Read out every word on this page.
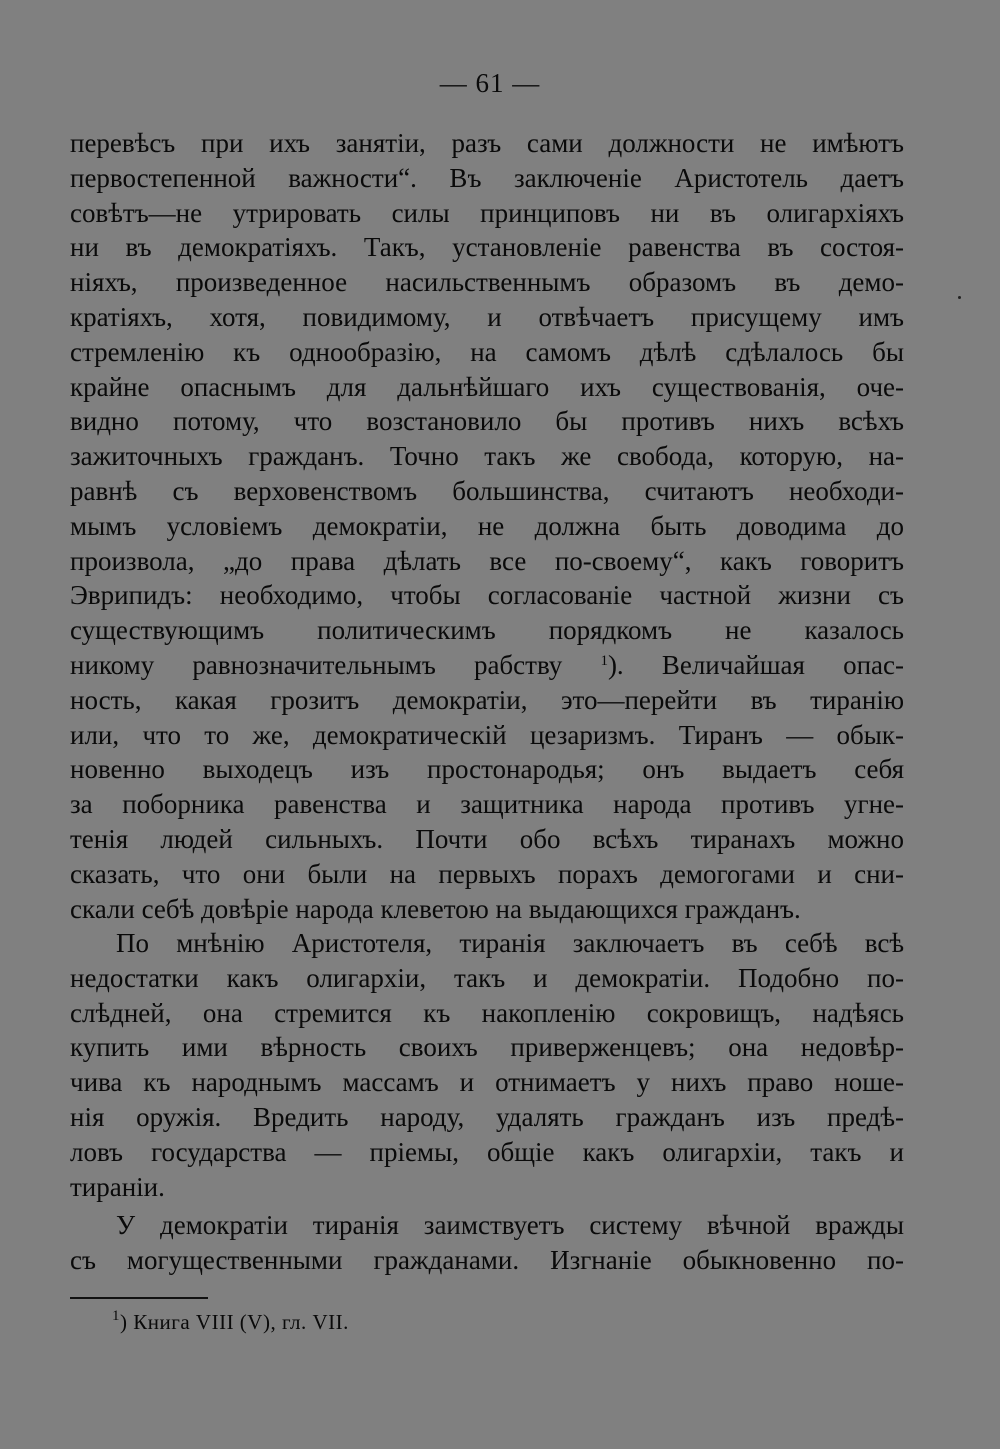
— 61 —
перевѣсъ при ихъ занятіи, разъ сами должности не имѣютъ
первостепенной важности“. Въ заключеніе Аристотель даетъ
совѣтъ—не утрировать силы принциповъ ни въ олигархіяхъ
ни въ демократіяхъ. Такъ, установленіе равенства въ состоя-
ніяхъ, произведенное насильственнымъ образомъ въ демо-
кратіяхъ, хотя, повидимому, и отвѣчаетъ присущему имъ
стремленію къ однообразію, на самомъ дѣлѣ сдѣлалось бы
крайне опаснымъ для дальнѣйшаго ихъ существованія, оче-
видно потому, что возстановило бы противъ нихъ всѣхъ
зажиточныхъ гражданъ. Точно такъ же свобода, которую, на-
равнѣ съ верховенствомъ большинства, считаютъ необходи-
мымъ условіемъ демократіи, не должна быть доводима до
произвола, „до права дѣлать все по-своему“, какъ говоритъ
Эврипидъ: необходимо, чтобы согласованіе частной жизни съ
существующимъ политическимъ порядкомъ не казалось
никому равнозначительнымъ рабству	$^1$). Величайшая опас-
ность, какая грозитъ демократіи, это—перейти въ тиранію
или, что то же, демократическій цезаризмъ. Тиранъ — обык-
новенно выходецъ изъ простонародья; онъ выдаетъ себя
за поборника равенства и защитника народа противъ угне-
тенія людей сильныхъ. Почти обо всѣхъ тиранахъ можно
сказать, что они были на первыхъ порахъ демогогами и сни-
скали себѣ довѣріе народа клеветою на выдающихся гражданъ.
По мнѣнію Аристотеля, тиранія заключаетъ въ себѣ всѣ
недостатки какъ олигархіи, такъ и демократіи. Подобно по-
слѣдней, она стремится къ накопленію сокровищъ, надѣясь
купить ими вѣрность своихъ приверженцевъ; она недовѣр-
чива къ народнымъ массамъ и отнимаетъ у нихъ право ноше-
нія оружія. Вредить народу, удалять гражданъ изъ предѣ-
ловъ государства — пріемы, общіе какъ олигархіи, такъ и
тираніи.
У демократіи тиранія заимствуетъ систему вѣчной вражды
съ могущественными гражданами. Изгнаніе обыкновенно по-
$^1$) Книга VIII (V), гл. VII.
